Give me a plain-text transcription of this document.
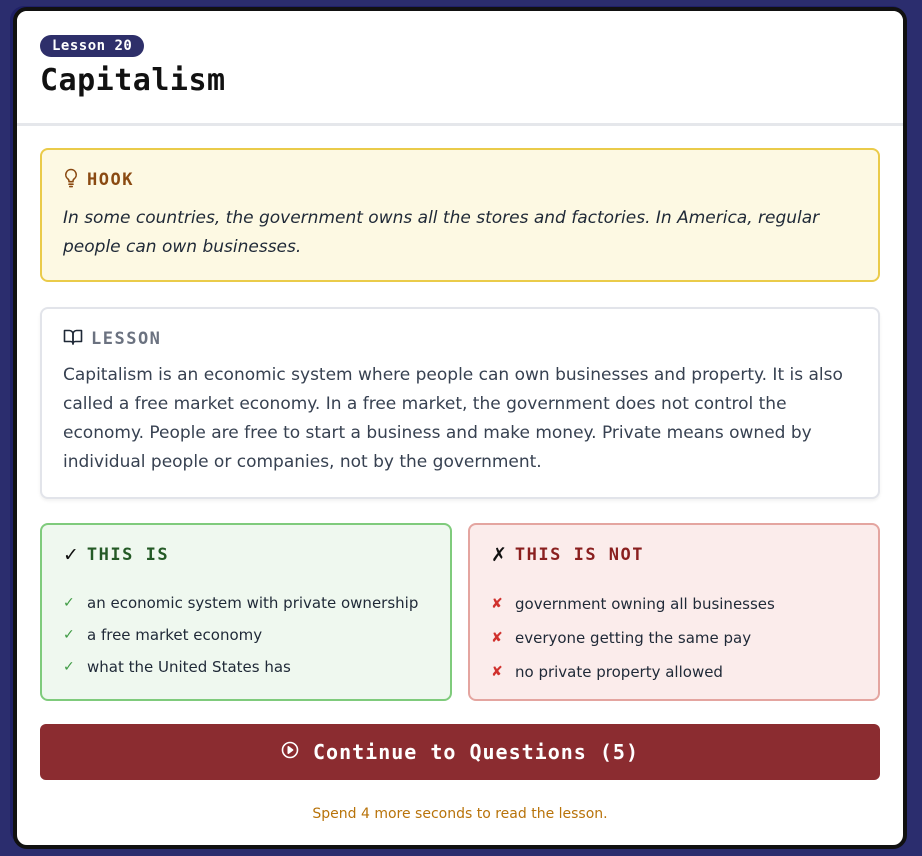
Lesson 20
Capitalism
HOOK

In some countries, the government owns all the stores and factories. In America, regular people can own businesses.

LESSON

Capitalism is an economic system where people can own businesses and property. It is also called a free market economy. In a free market, the government does not control the economy. People are free to start a business and make money. Private means owned by individual people or companies, not by the government.

✓ THIS IS
✓ an economic system with private ownership
✓ a free market economy
✓ what the United States has
✗ THIS IS NOT
✘ government owning all businesses
✘ everyone getting the same pay
✘ no private property allowed
Continue to Questions (5)
Spend 4 more seconds to read the lesson.
